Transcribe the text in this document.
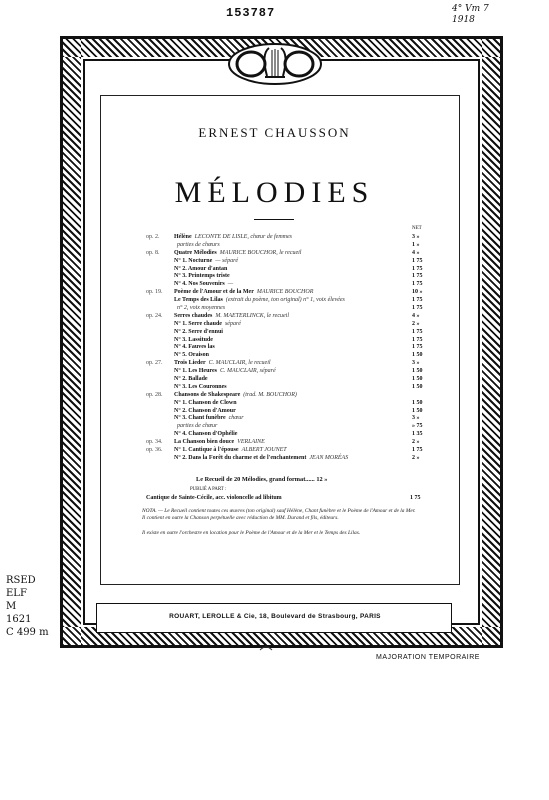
153787	4° Vm 7
1918
ERNEST CHAUSSON
MÉLODIES
NET
op. 2.	Hélène LECONTE DE LISLE, chœur de femmes	3 »
parties de chœurs	1 »
op. 8.	Quatre Mélodies MAURICE BOUCHOR, le recueil	4 »
N° 1. Nocturne — séparé	1 75
N° 2. Amour d'antan	1 75
N° 3. Printemps triste	1 75
N° 4. Nos Souvenirs —	1 75
op. 19.	Poème de l'Amour et de la Mer MAURICE BOUCHOR	10 »
Le Temps des Lilas (extrait du poème, ton original) n° 1, voix élevées	1 75
n° 2, voix moyennes	1 75
op. 24.	Serres chaudes M. MAETERLINCK, le recueil	4 »
N° 1. Serre chaude séparé	2 »
N° 2. Serre d'ennui	1 75
N° 3. Lassitude	1 75
N° 4. Fauves las	1 75
N° 5. Oraison	1 50
op. 27.	Trois Lieder C. MAUCLAIR, le recueil	3 »
N° 1. Les Heures C. MAUCLAIR, séparé	1 50
N° 2. Ballade	1 50
N° 3. Les Couronnes	1 50
op. 28.	Chansons de Shakespeare (trad. M. BOUCHOR)
N° 1. Chanson de Clown	1 50
N° 2. Chanson d'Amour	1 50
N° 3. Chant funèbre chœur	3 »
parties de chœur	» 75
N° 4. Chanson d'Ophélie	1 35
op. 34.	La Chanson bien douce VERLAINE	2 »
op. 36.	N° 1. Cantique à l'épouse ALBERT JOUNET	1 75
N° 2. Dans la Forêt du charme et de l'enchantement JEAN MORÉAS	2 »
Le Recueil de 20 Mélodies, grand format...... 12 »
PUBLIÉ A PART :
Cantique de Sainte-Cécile, acc. violoncelle ad libitum	1 75
NOTA. — Le Recueil contient toutes ces œuvres (ton original) sauf Hélène, Chant funèbre et le Poème de l'Amour et de la Mer. Il contient en outre la Chanson perpétuelle avec réduction de MM. Durand et fils, éditeurs.
Il existe en outre l'orchestre en location pour le Poème de l'Amour et de la Mer et le Temps des Lilas.
ROUART, LEROLLE & Cie, 18, Boulevard de Strasbourg, PARIS
RSED
ELF
M
1621
C 499 m
MAJORATION TEMPORAIRE
